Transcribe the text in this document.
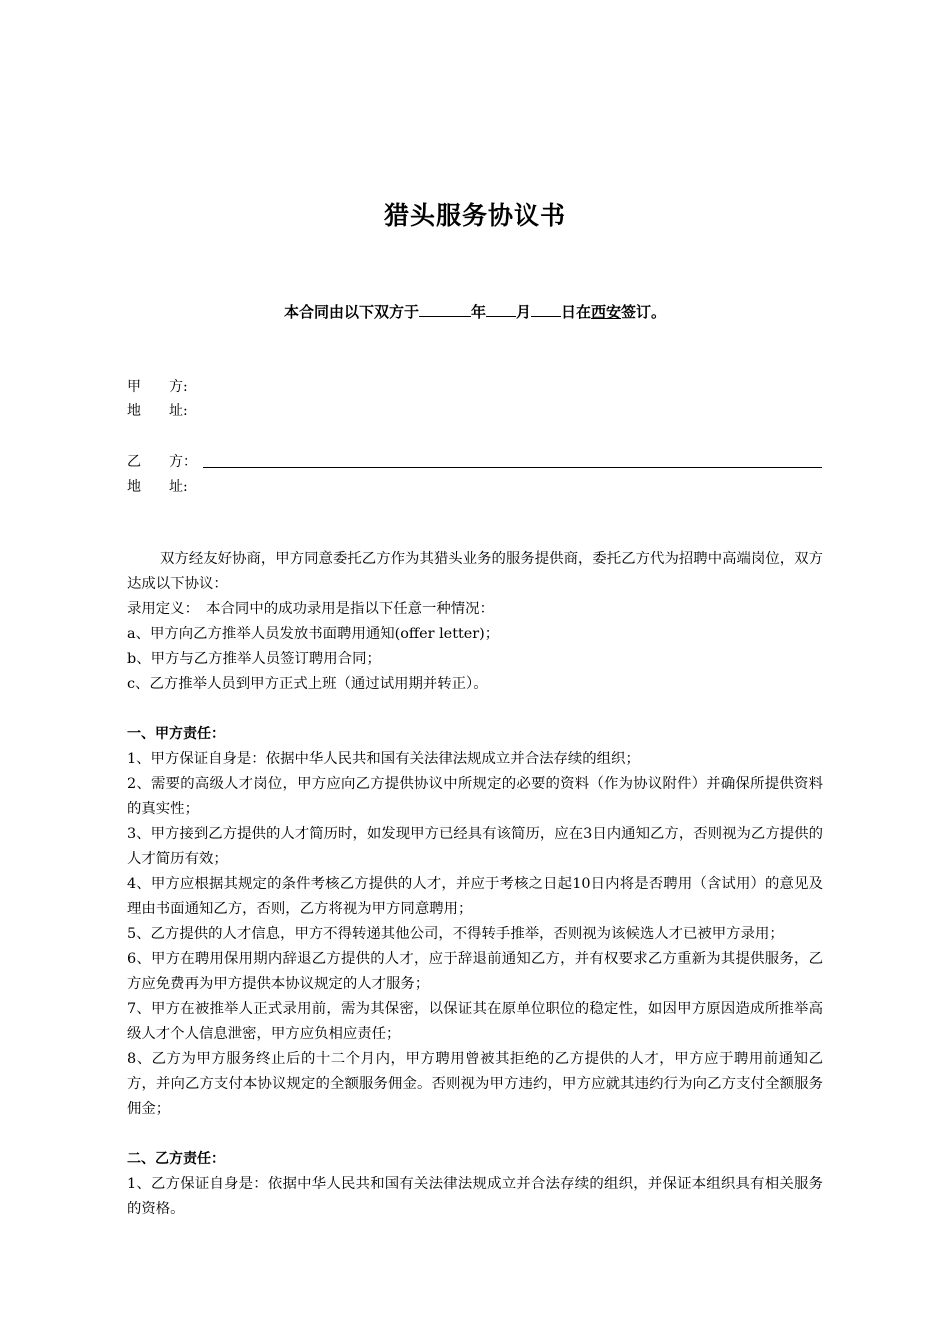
猎头服务协议书
本合同由以下双方于	年 月 日在西安签订。
甲　　方:
地　　址:
乙　　方：
地　　址:

双方经友好协商，甲方同意委托乙方作为其猎头业务的服务提供商，委托乙方代为招聘中高端岗位，双方达成以下协议：

录用定义：　本合同中的成功录用是指以下任意一种情况：

a、甲方向乙方推举人员发放书面聘用通知(offer letter)；

b、甲方与乙方推举人员签订聘用合同；

c、乙方推举人员到甲方正式上班（通过试用期并转正）。

一、甲方责任：

1、甲方保证自身是：依据中华人民共和国有关法律法规成立并合法存续的组织；

2、需要的高级人才岗位，甲方应向乙方提供协议中所规定的必要的资料（作为协议附件）并确保所提供资料的真实性；

3、甲方接到乙方提供的人才简历时，如发现甲方已经具有该简历，应在3日内通知乙方，否则视为乙方提供的人才简历有效；

4、甲方应根据其规定的条件考核乙方提供的人才，并应于考核之日起10日内将是否聘用（含试用）的意见及理由书面通知乙方，否则，乙方将视为甲方同意聘用；

5、乙方提供的人才信息，甲方不得转递其他公司，不得转手推举，否则视为该候选人才已被甲方录用；

6、甲方在聘用保用期内辞退乙方提供的人才，应于辞退前通知乙方，并有权要求乙方重新为其提供服务，乙方应免费再为甲方提供本协议规定的人才服务；

7、甲方在被推举人正式录用前，需为其保密，以保证其在原单位职位的稳定性，如因甲方原因造成所推举高级人才个人信息泄密，甲方应负相应责任；

8、乙方为甲方服务终止后的十二个月内，甲方聘用曾被其拒绝的乙方提供的人才，甲方应于聘用前通知乙方，并向乙方支付本协议规定的全额服务佣金。否则视为甲方违约，甲方应就其违约行为向乙方支付全额服务佣金；

二、乙方责任：

1、乙方保证自身是：依据中华人民共和国有关法律法规成立并合法存续的组织，并保证本组织具有相关服务的资格。
